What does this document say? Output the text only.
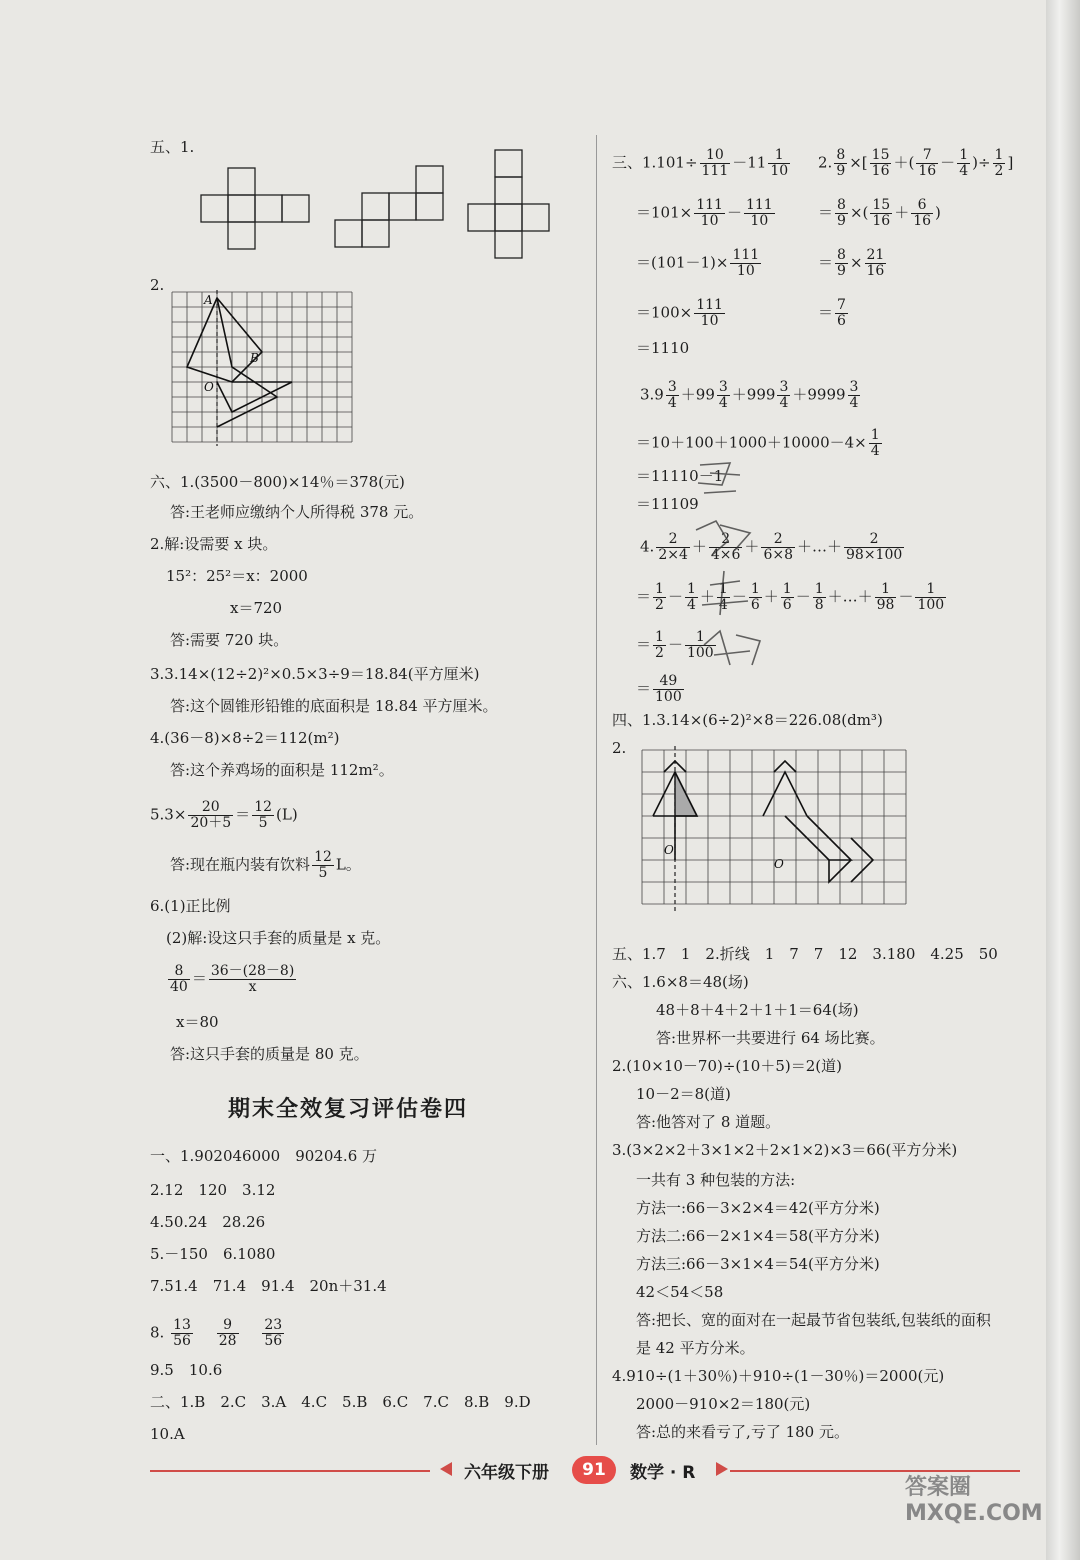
五、1.
2.
A
B
O
六、1.(3500－800)×14％＝378(元)
答:王老师应缴纳个人所得税 378 元。
2.解:设需要 x 块。
15²：25²＝x：2000
x＝720
答:需要 720 块。
3.3.14×(12÷2)²×0.5×3÷9＝18.84(平方厘米)
答:这个圆锥形铅锥的底面积是 18.84 平方厘米。
4.(36－8)×8÷2＝112(m²)
答:这个养鸡场的面积是 112m²。
$5.3\times \frac{20}{20+5} = \frac{12}{5} (L)$
答:现在瓶内装有饮料 $\frac{12}{5}$ L。
6.(1)正比例
(2)解:设这只手套的质量是 x 克。
$\frac{8}{40} = \frac{36-(28-8)}{x}$
x＝80
答:这只手套的质量是 80 克。
期末全效复习评估卷四
一、1.902046000　90204.6 万
2.12　120　3.12
4.50.24　28.26
5.－150　6.1080
7.51.4　71.4　91.4　20n＋31.4
8. $\frac{13}{56}$
　 $\frac{9}{28}$
　 $\frac{23}{56}$
9.5　10.6
二、1.B　2.C　3.A　4.C　5.B　6.C　7.C　8.B　9.D
10.A
三、$1.101\div \frac{10}{111} -11 \frac{1}{10}$
$=101\times \frac{111}{10} - \frac{111}{10}$
$=(101-1)\times \frac{111}{10}$
$=100\times \frac{111}{10}$
＝1110
2. $\frac{8}{9}$ ×[ $\frac{15}{16}$ ＋( $\frac{7}{16} - \frac{1}{4}$ )÷ $\frac{1}{2}$ ]
＝ $\frac{8}{9}$ ×( $\frac{15}{16} + \frac{6}{16}$ )
＝ $\frac{8}{9} \times \frac{21}{16}$
＝ $\frac{7}{6}$
$3.9 \frac{3}{4} +99 \frac{3}{4} +999 \frac{3}{4} +9999 \frac{3}{4}$
$=10+100+1000+10000-4\times \frac{1}{4}$
＝11110－1
＝11109
4. $\frac{2}{2\times 4} + \frac{2}{4\times 6} + \frac{2}{6\times 8}$ ＋…＋ $\frac{2}{98\times 100}$
＝ $\frac{1}{2} - \frac{1}{4} + \frac{1}{4} - \frac{1}{6} + \frac{1}{6} - \frac{1}{8}$ ＋…＋ $\frac{1}{98} - \frac{1}{100}$
＝ $\frac{1}{2} - \frac{1}{100}$
＝ $\frac{49}{100}$
四、1.3.14×(6÷2)²×8＝226.08(dm³)
2.
O
O
五、1.7　1　2.折线　1　7　7　12　3.180　4.25　50
六、1.6×8＝48(场)
48＋8＋4＋2＋1＋1＝64(场)
答:世界杯一共要进行 64 场比赛。
2.(10×10－70)÷(10＋5)＝2(道)
10－2＝8(道)
答:他答对了 8 道题。
3.(3×2×2＋3×1×2＋2×1×2)×3＝66(平方分米)
一共有 3 种包装的方法:
方法一:66－3×2×4＝42(平方分米)
方法二:66－2×1×4＝58(平方分米)
方法三:66－3×1×4＝54(平方分米)
42＜54＜58
答:把长、宽的面对在一起最节省包装纸,包装纸的面积
是 42 平方分米。
4.910÷(1＋30％)＋910÷(1－30％)＝2000(元)
2000－910×2＝180(元)
答:总的来看亏了,亏了 180 元。
六年级下册	91	数学 · R
答案圈 MXQE.COM
